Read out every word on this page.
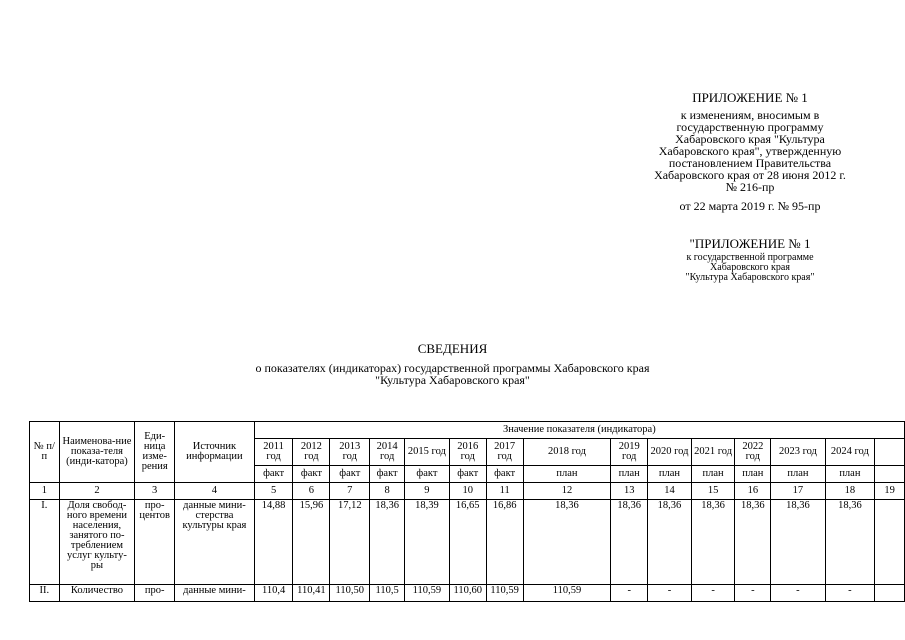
ПРИЛОЖЕНИЕ № 1
к изменениям, вносимым в
государственную программу
Хабаровского края "Культура
Хабаровского края", утвержденную
постановлением Правительства
Хабаровского края от 28 июня 2012 г.
№ 216-пр
от 22 марта 2019 г. № 95-пр
"ПРИЛОЖЕНИЕ № 1
к государственной программе
Хабаровского края
"Культура Хабаровского края"
СВЕДЕНИЯ
о показателях (индикаторах) государственной программы Хабаровского края
"Культура Хабаровского края"
№ п/п	Наименова-ние показа-теля (инди-катора)	Еди-ница изме-рения	Источник информации	Значение показателя (индикатора)														
				2011 год	2012 год	2013 год	2014 год	2015 год	2016 год	2017 год	2018 год	2019 год	2020 год	2021 год	2022 год	2023 год	2024 год	
				факт	факт	факт	факт	факт	факт	факт	план	план	план	план	план	план	план	
1	2	3	4	5	6	7	8	9	10	11	12	13	14	15	16	17	18	19
I.	Доля свобод-ного времени населения, занятого по-треблением услуг культу-ры	про-центов	данные мини-стерства культуры края	14,88	15,96	17,12	18,36	18,39	16,65	16,86	18,36	18,36	18,36	18,36	18,36	18,36	18,36	
II.	Количество	про-	данные мини-	110,4	110,41	110,50	110,5	110,59	110,60	110,59	110,59	-	-	-	-	-	-	
